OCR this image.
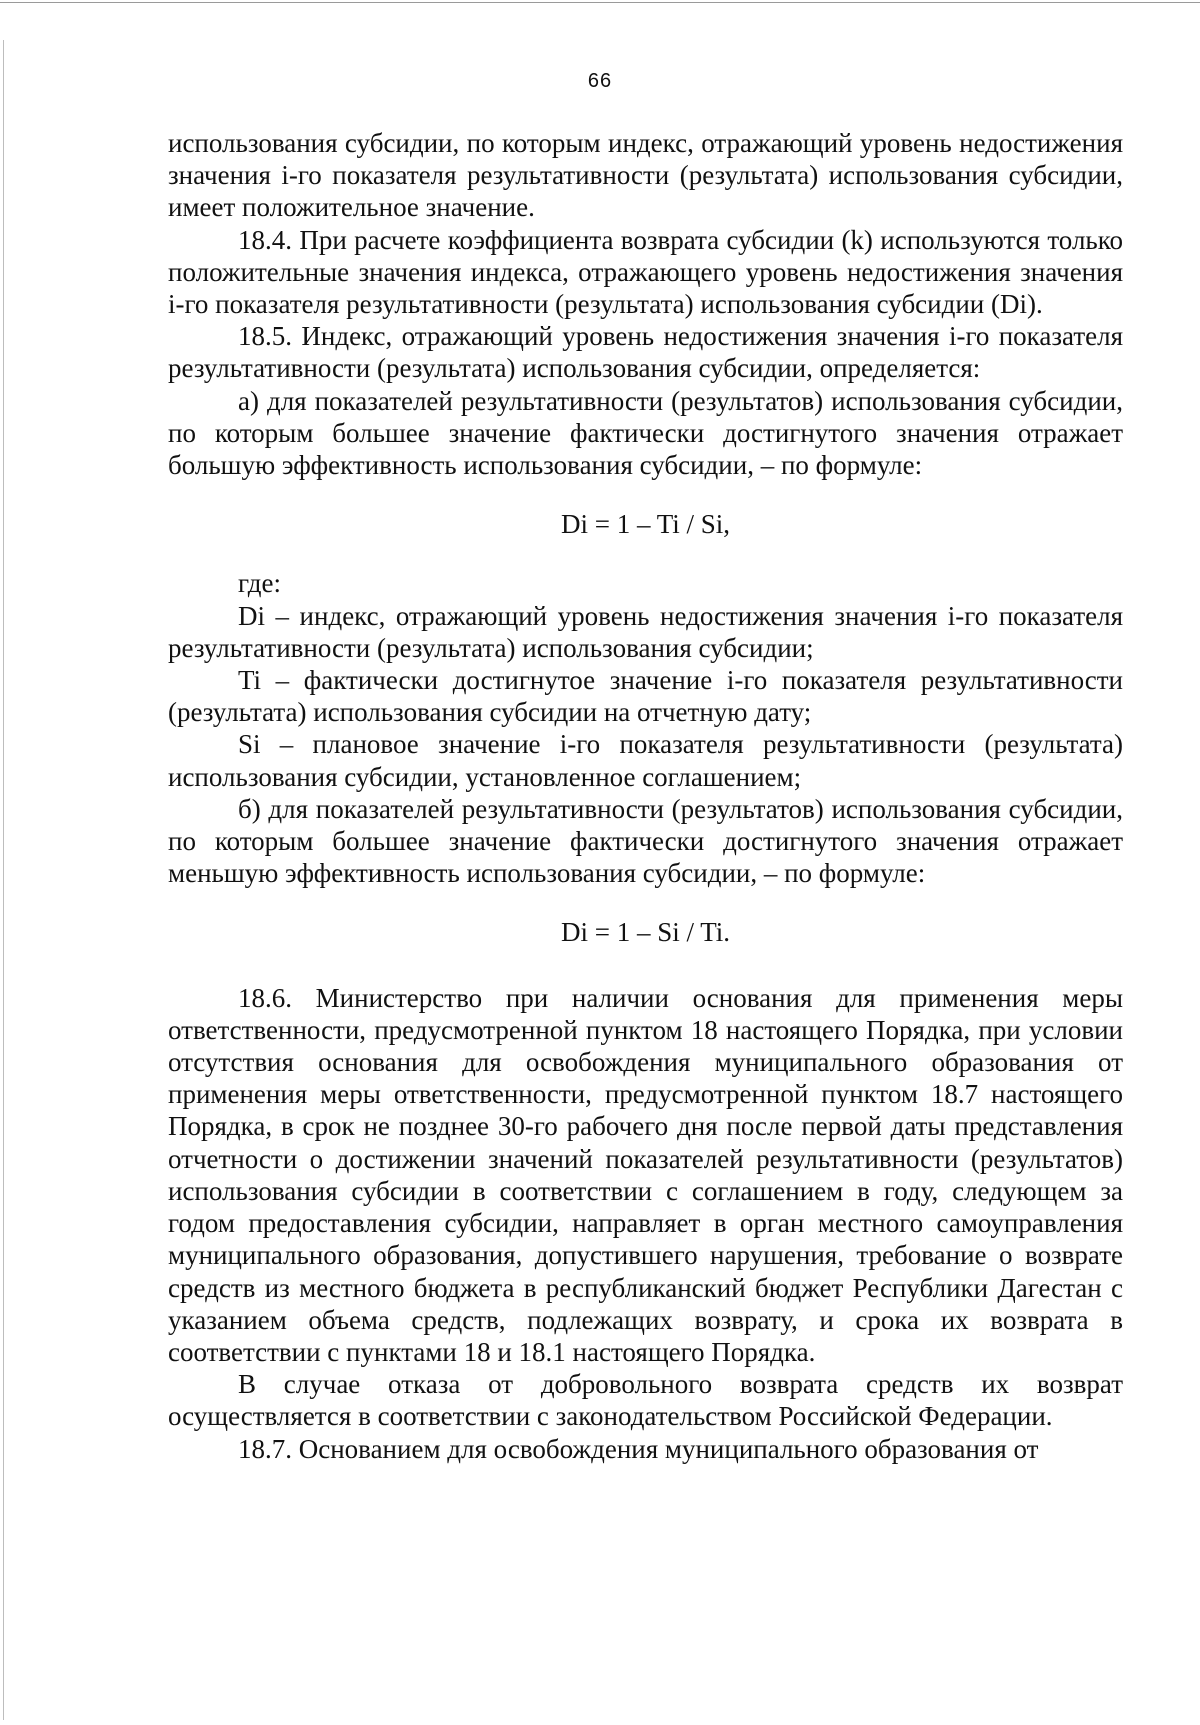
66

использования субсидии, по которым индекс, отражающий уровень недостижения значения i-го показателя результативности (результата) использования субсидии, имеет положительное значение.

18.4. При расчете коэффициента возврата субсидии (k) используются только положительные значения индекса, отражающего уровень недостижения значения i-го показателя результативности (результата) использования субсидии (Di).

18.5. Индекс, отражающий уровень недостижения значения i-го показателя результативности (результата) использования субсидии, определяется:

а) для показателей результативности (результатов) использования субсидии, по которым большее значение фактически достигнутого значения отражает большую эффективность использования субсидии, – по формуле:

Di = 1 – Ti / Si,

где:

Di – индекс, отражающий уровень недостижения значения i-го показателя результативности (результата) использования субсидии;

Ti – фактически достигнутое значение i-го показателя результативности (результата) использования субсидии на отчетную дату;

Si – плановое значение i-го показателя результативности (результата) использования субсидии, установленное соглашением;

б) для показателей результативности (результатов) использования субсидии, по которым большее значение фактически достигнутого значения отражает меньшую эффективность использования субсидии, – по формуле:

Di = 1 – Si / Ti.

18.6. Министерство при наличии основания для применения меры ответственности, предусмотренной пунктом 18 настоящего Порядка, при условии отсутствия основания для освобождения муниципального образования от применения меры ответственности, предусмотренной пунктом 18.7 настоящего Порядка, в срок не позднее 30-го рабочего дня после первой даты представления отчетности о достижении значений показателей результативности (результатов) использования субсидии в соответствии с соглашением в году, следующем за годом предоставления субсидии, направляет в орган местного самоуправления муниципального образования, допустившего нарушения, требование о возврате средств из местного бюджета в республиканский бюджет Республики Дагестан с указанием объема средств, подлежащих возврату, и срока их возврата в соответствии с пунктами 18 и 18.1 настоящего Порядка.

В случае отказа от добровольного возврата средств их возврат осуществляется в соответствии с законодательством Российской Федерации.

18.7. Основанием для освобождения муниципального образования от
